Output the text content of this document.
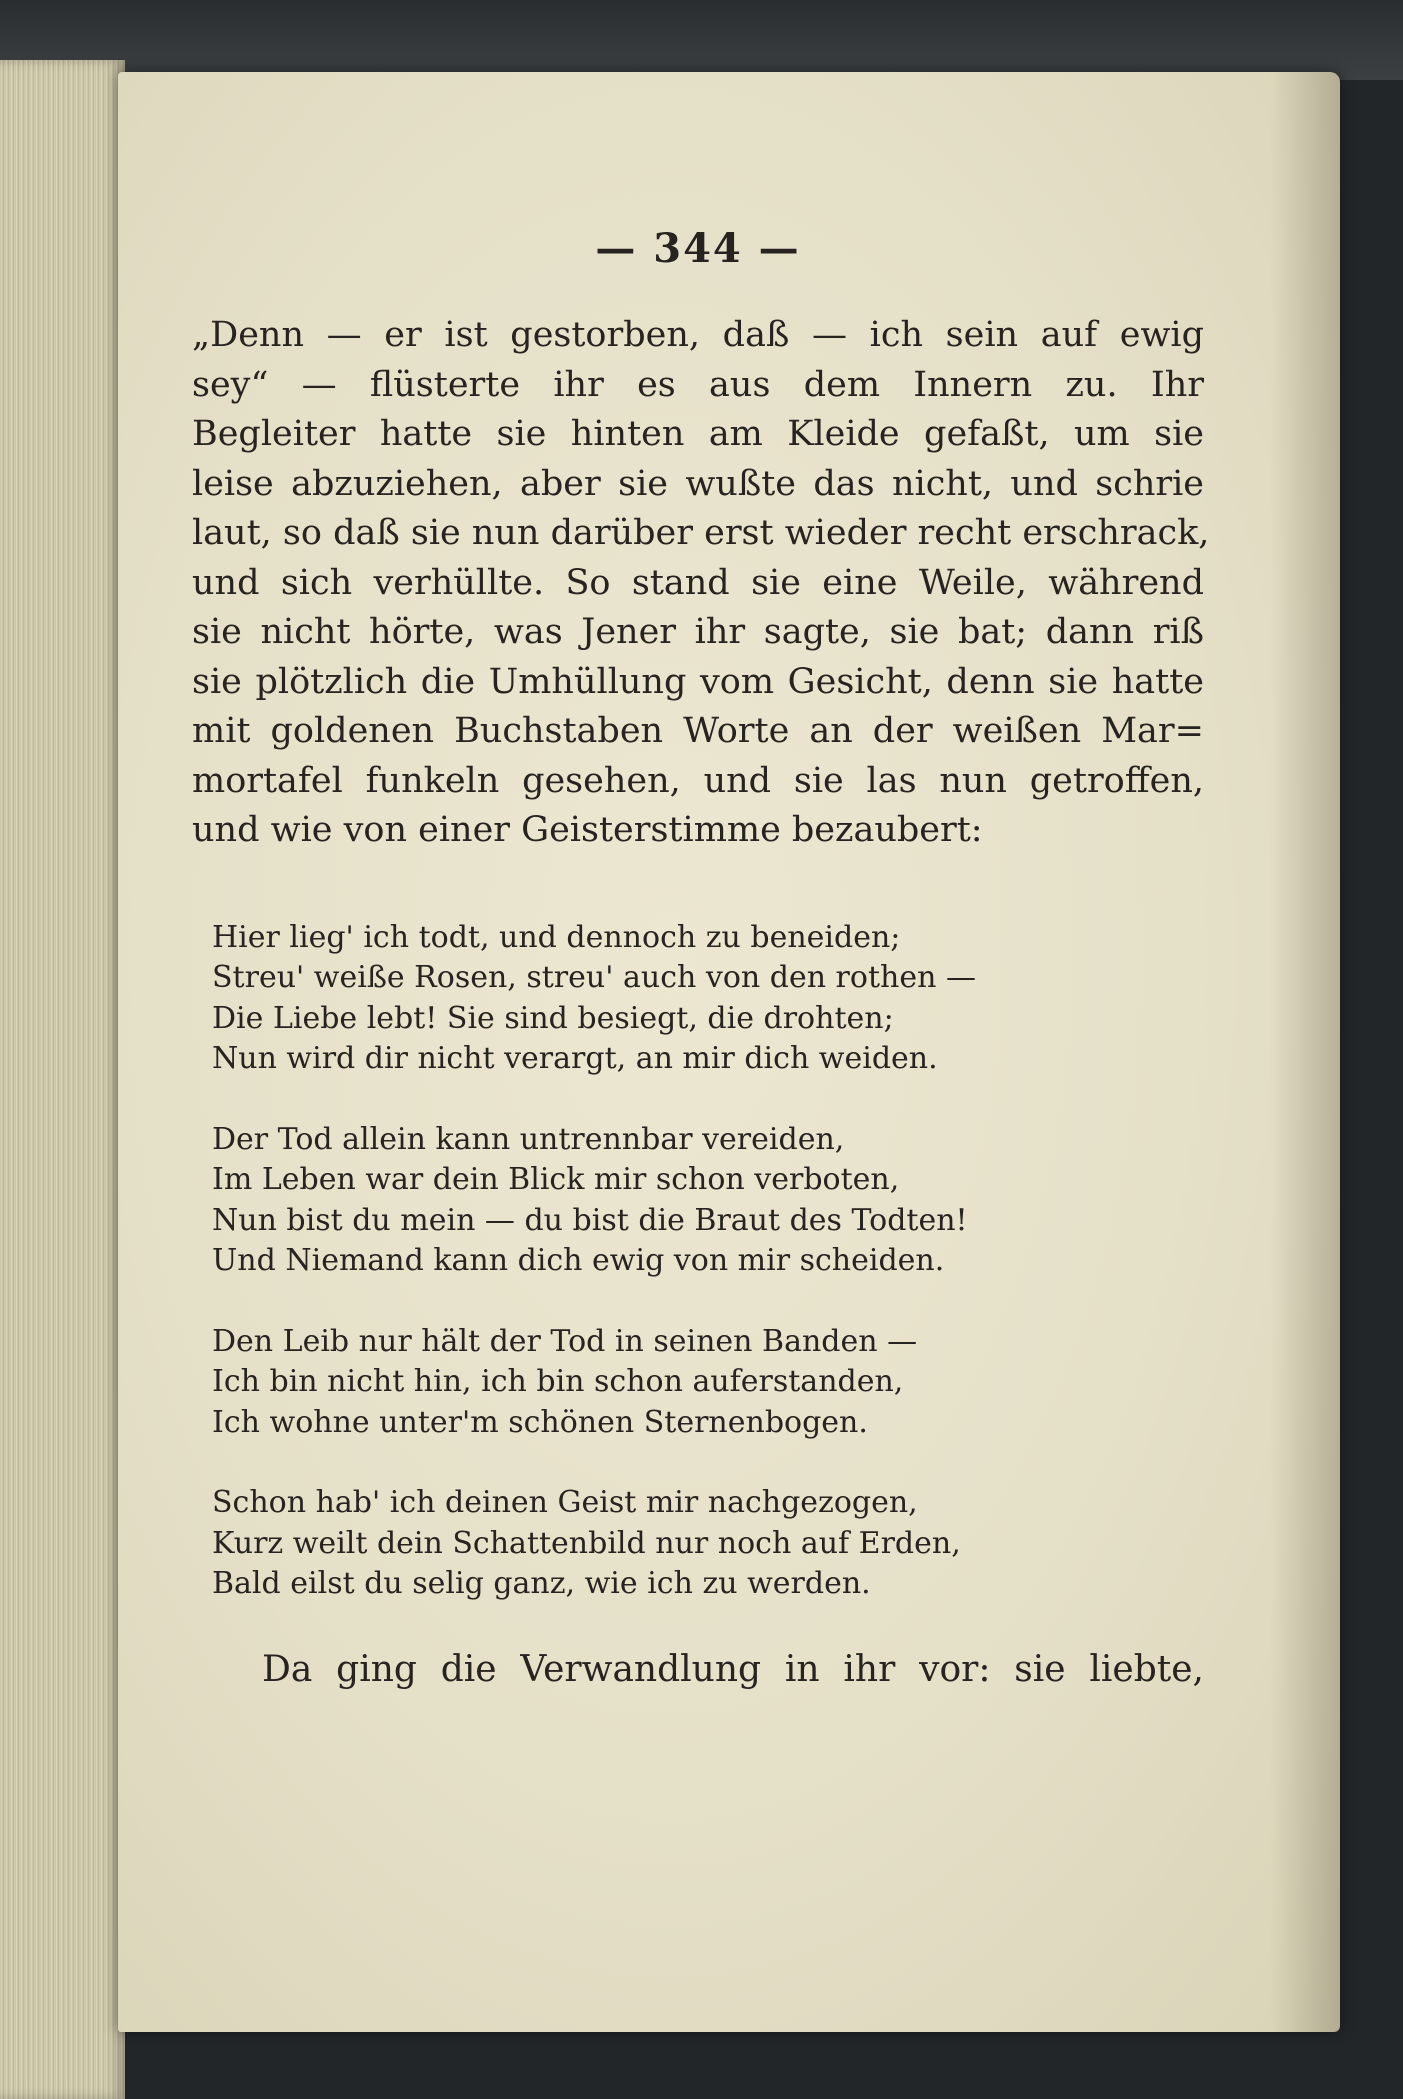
— 344 —

„Denn — er ist gestorben, daß — ich sein auf ewig
sey“ — flüsterte ihr es aus dem Innern zu. Ihr
Begleiter hatte sie hinten am Kleide gefaßt, um sie
leise abzuziehen, aber sie wußte das nicht, und schrie
laut, so daß sie nun darüber erst wieder recht erschrack,
und sich verhüllte. So stand sie eine Weile, während
sie nicht hörte, was Jener ihr sagte, sie bat; dann riß
sie plötzlich die Umhüllung vom Gesicht, denn sie hatte
mit goldenen Buchstaben Worte an der weißen Mar=
mortafel funkeln gesehen, und sie las nun getroffen,
und wie von einer Geisterstimme bezaubert:

Hier lieg' ich todt, und dennoch zu beneiden;
Streu' weiße Rosen, streu' auch von den rothen —
Die Liebe lebt! Sie sind besiegt, die drohten;
Nun wird dir nicht verargt, an mir dich weiden.
Der Tod allein kann untrennbar vereiden,
Im Leben war dein Blick mir schon verboten,
Nun bist du mein — du bist die Braut des Todten!
Und Niemand kann dich ewig von mir scheiden.
Den Leib nur hält der Tod in seinen Banden —
Ich bin nicht hin, ich bin schon auferstanden,
Ich wohne unter'm schönen Sternenbogen.
Schon hab' ich deinen Geist mir nachgezogen,
Kurz weilt dein Schattenbild nur noch auf Erden,
Bald eilst du selig ganz, wie ich zu werden.
Da ging die Verwandlung in ihr vor: sie liebte,
